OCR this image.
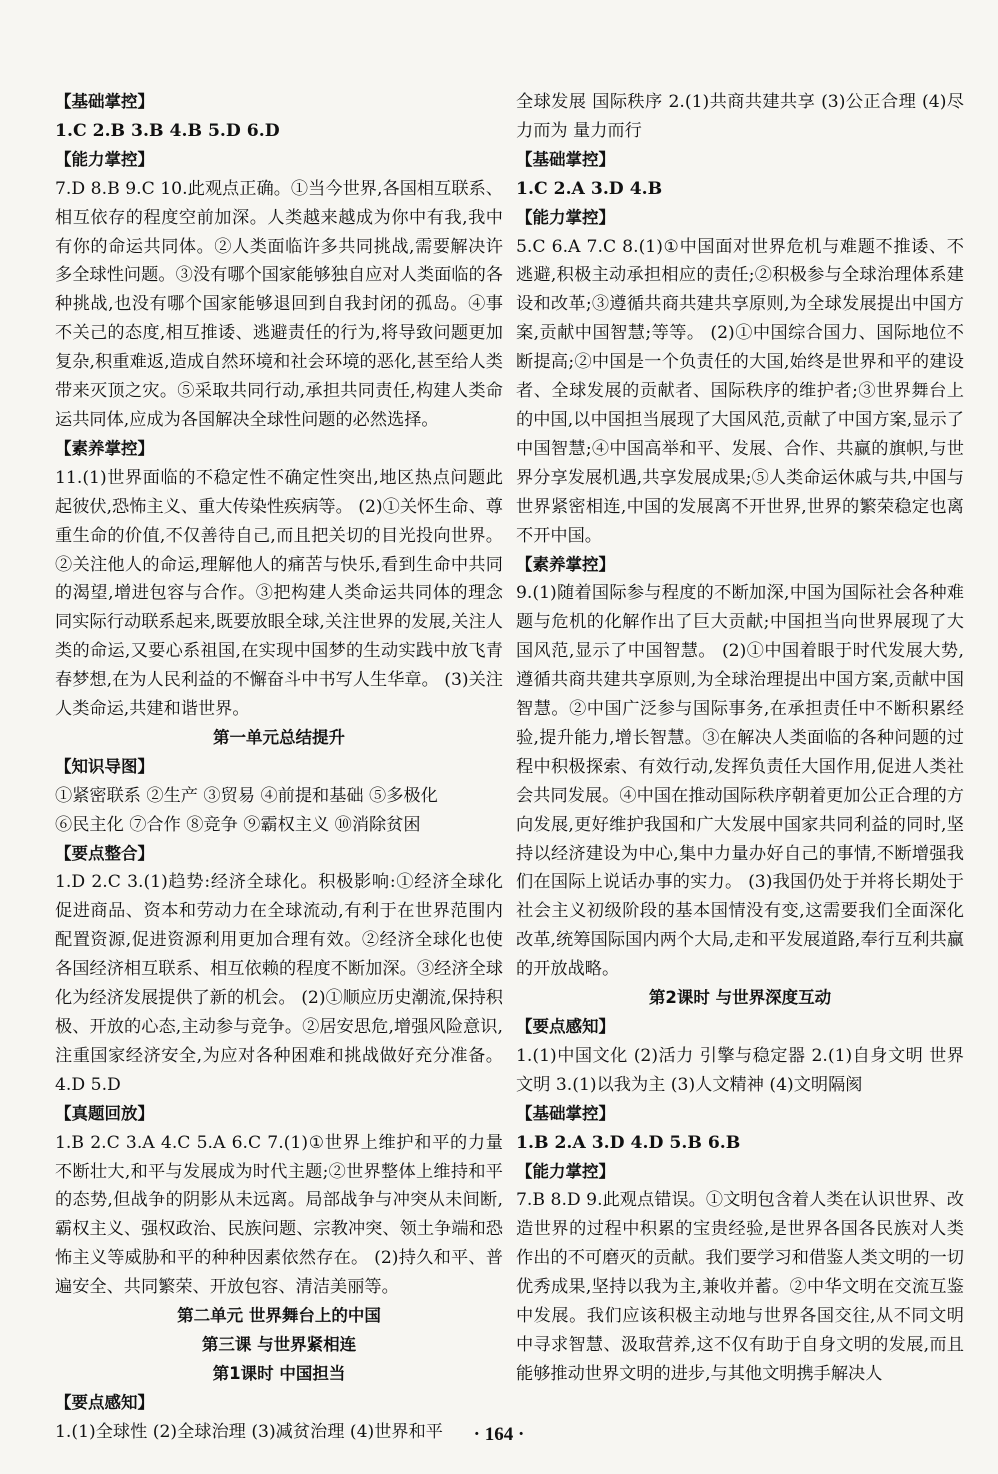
【基础掌控】

1.C 2.B 3.B 4.B 5.D 6.D

【能力掌控】

7.D 8.B 9.C 10.此观点正确。①当今世界,各国相互联系、相互依存的程度空前加深。人类越来越成为你中有我,我中有你的命运共同体。②人类面临许多共同挑战,需要解决许多全球性问题。③没有哪个国家能够独自应对人类面临的各种挑战,也没有哪个国家能够退回到自我封闭的孤岛。④事不关己的态度,相互推诿、逃避责任的行为,将导致问题更加复杂,积重难返,造成自然环境和社会环境的恶化,甚至给人类带来灭顶之灾。⑤采取共同行动,承担共同责任,构建人类命运共同体,应成为各国解决全球性问题的必然选择。

【素养掌控】

11.(1)世界面临的不稳定性不确定性突出,地区热点问题此起彼伏,恐怖主义、重大传染性疾病等。 (2)①关怀生命、尊重生命的价值,不仅善待自己,而且把关切的目光投向世界。②关注他人的命运,理解他人的痛苦与快乐,看到生命中共同的渴望,增进包容与合作。③把构建人类命运共同体的理念同实际行动联系起来,既要放眼全球,关注世界的发展,关注人类的命运,又要心系祖国,在实现中国梦的生动实践中放飞青春梦想,在为人民利益的不懈奋斗中书写人生华章。 (3)关注人类命运,共建和谐世界。

第一单元总结提升

【知识导图】

①紧密联系 ②生产 ③贸易 ④前提和基础 ⑤多极化

⑥民主化 ⑦合作 ⑧竞争 ⑨霸权主义 ⑩消除贫困

【要点整合】

1.D 2.C 3.(1)趋势:经济全球化。积极影响:①经济全球化促进商品、资本和劳动力在全球流动,有利于在世界范围内配置资源,促进资源利用更加合理有效。②经济全球化也使各国经济相互联系、相互依赖的程度不断加深。③经济全球化为经济发展提供了新的机会。 (2)①顺应历史潮流,保持积极、开放的心态,主动参与竞争。②居安思危,增强风险意识,注重国家经济安全,为应对各种困难和挑战做好充分准备。 4.D 5.D

【真题回放】

1.B 2.C 3.A 4.C 5.A 6.C 7.(1)①世界上维护和平的力量不断壮大,和平与发展成为时代主题;②世界整体上维持和平的态势,但战争的阴影从未远离。局部战争与冲突从未间断,霸权主义、强权政治、民族问题、宗教冲突、领土争端和恐怖主义等威胁和平的种种因素依然存在。 (2)持久和平、普遍安全、共同繁荣、开放包容、清洁美丽等。

第二单元 世界舞台上的中国

第三课 与世界紧相连

第1课时 中国担当

【要点感知】

1.(1)全球性 (2)全球治理 (3)减贫治理 (4)世界和平

全球发展 国际秩序 2.(1)共商共建共享 (3)公正合理 (4)尽力而为 量力而行

【基础掌控】

1.C 2.A 3.D 4.B

【能力掌控】

5.C 6.A 7.C 8.(1)①中国面对世界危机与难题不推诿、不逃避,积极主动承担相应的责任;②积极参与全球治理体系建设和改革;③遵循共商共建共享原则,为全球发展提出中国方案,贡献中国智慧;等等。 (2)①中国综合国力、国际地位不断提高;②中国是一个负责任的大国,始终是世界和平的建设者、全球发展的贡献者、国际秩序的维护者;③世界舞台上的中国,以中国担当展现了大国风范,贡献了中国方案,显示了中国智慧;④中国高举和平、发展、合作、共赢的旗帜,与世界分享发展机遇,共享发展成果;⑤人类命运休戚与共,中国与世界紧密相连,中国的发展离不开世界,世界的繁荣稳定也离不开中国。

【素养掌控】

9.(1)随着国际参与程度的不断加深,中国为国际社会各种难题与危机的化解作出了巨大贡献;中国担当向世界展现了大国风范,显示了中国智慧。 (2)①中国着眼于时代发展大势,遵循共商共建共享原则,为全球治理提出中国方案,贡献中国智慧。②中国广泛参与国际事务,在承担责任中不断积累经验,提升能力,增长智慧。③在解决人类面临的各种问题的过程中积极探索、有效行动,发挥负责任大国作用,促进人类社会共同发展。④中国在推动国际秩序朝着更加公正合理的方向发展,更好维护我国和广大发展中国家共同利益的同时,坚持以经济建设为中心,集中力量办好自己的事情,不断增强我们在国际上说话办事的实力。 (3)我国仍处于并将长期处于社会主义初级阶段的基本国情没有变,这需要我们全面深化改革,统筹国际国内两个大局,走和平发展道路,奉行互利共赢的开放战略。

第2课时 与世界深度互动

【要点感知】

1.(1)中国文化 (2)活力 引擎与稳定器 2.(1)自身文明 世界文明 3.(1)以我为主 (3)人文精神 (4)文明隔阂

【基础掌控】

1.B 2.A 3.D 4.D 5.B 6.B

【能力掌控】

7.B 8.D 9.此观点错误。①文明包含着人类在认识世界、改造世界的过程中积累的宝贵经验,是世界各国各民族对人类作出的不可磨灭的贡献。我们要学习和借鉴人类文明的一切优秀成果,坚持以我为主,兼收并蓄。②中华文明在交流互鉴中发展。我们应该积极主动地与世界各国交往,从不同文明中寻求智慧、汲取营养,这不仅有助于自身文明的发展,而且能够推动世界文明的进步,与其他文明携手解决人

· 164 ·
